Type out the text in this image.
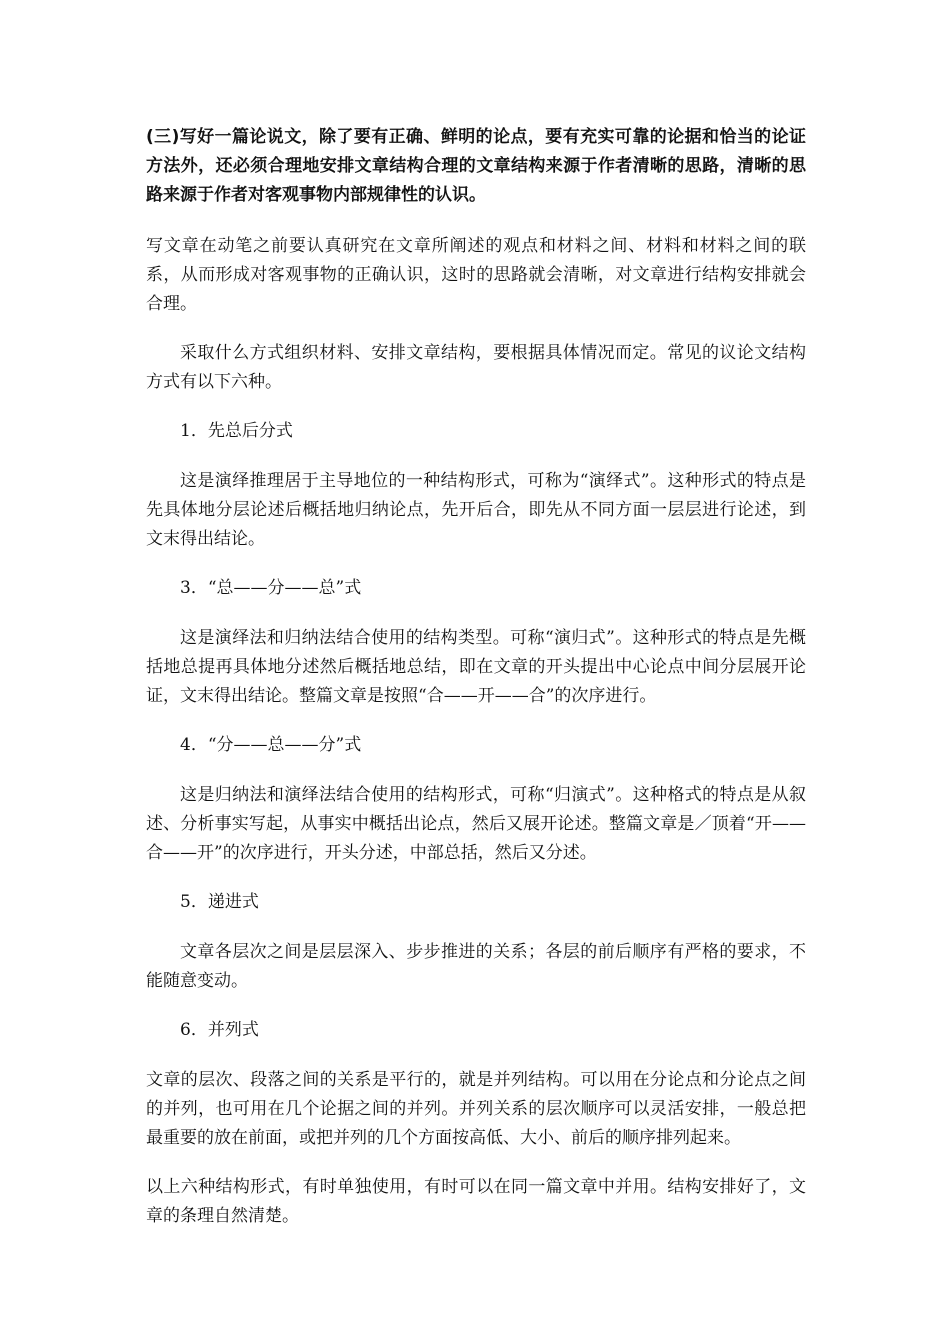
(三)写好一篇论说文，除了要有正确、鲜明的论点，要有充实可靠的论据和恰当的论证方法外，还必须合理地安排文章结构合理的文章结构来源于作者清晰的思路，清晰的思路来源于作者对客观事物内部规律性的认识。

写文章在动笔之前要认真研究在文章所阐述的观点和材料之间、材料和材料之间的联系，从而形成对客观事物的正确认识，这时的思路就会清晰，对文章进行结构安排就会合理。

采取什么方式组织材料、安排文章结构，要根据具体情况而定。常见的议论文结构方式有以下六种。

1．先总后分式

这是演绎推理居于主导地位的一种结构形式，可称为“演绎式”。这种形式的特点是先具体地分层论述后概括地归纳论点，先开后合，即先从不同方面一层层进行论述，到文末得出结论。

3．“总——分——总”式

这是演绎法和归纳法结合使用的结构类型。可称“演归式”。这种形式的特点是先概括地总提再具体地分述然后概括地总结，即在文章的开头提出中心论点中间分层展开论证，文末得出结论。整篇文章是按照“合——开——合”的次序进行。

4．“分——总——分”式

这是归纳法和演绎法结合使用的结构形式，可称“归演式”。这种格式的特点是从叙述、分析事实写起，从事实中概括出论点，然后又展开论述。整篇文章是／顶着“开——合——开”的次序进行，开头分述，中部总括，然后又分述。

5．递进式

文章各层次之间是层层深入、步步推进的关系；各层的前后顺序有严格的要求，不能随意变动。

6．并列式

文章的层次、段落之间的关系是平行的，就是并列结构。可以用在分论点和分论点之间的并列，也可用在几个论据之间的并列。并列关系的层次顺序可以灵活安排，一般总把最重要的放在前面，或把并列的几个方面按高低、大小、前后的顺序排列起来。

以上六种结构形式，有时单独使用，有时可以在同一篇文章中并用。结构安排好了，文章的条理自然清楚。
